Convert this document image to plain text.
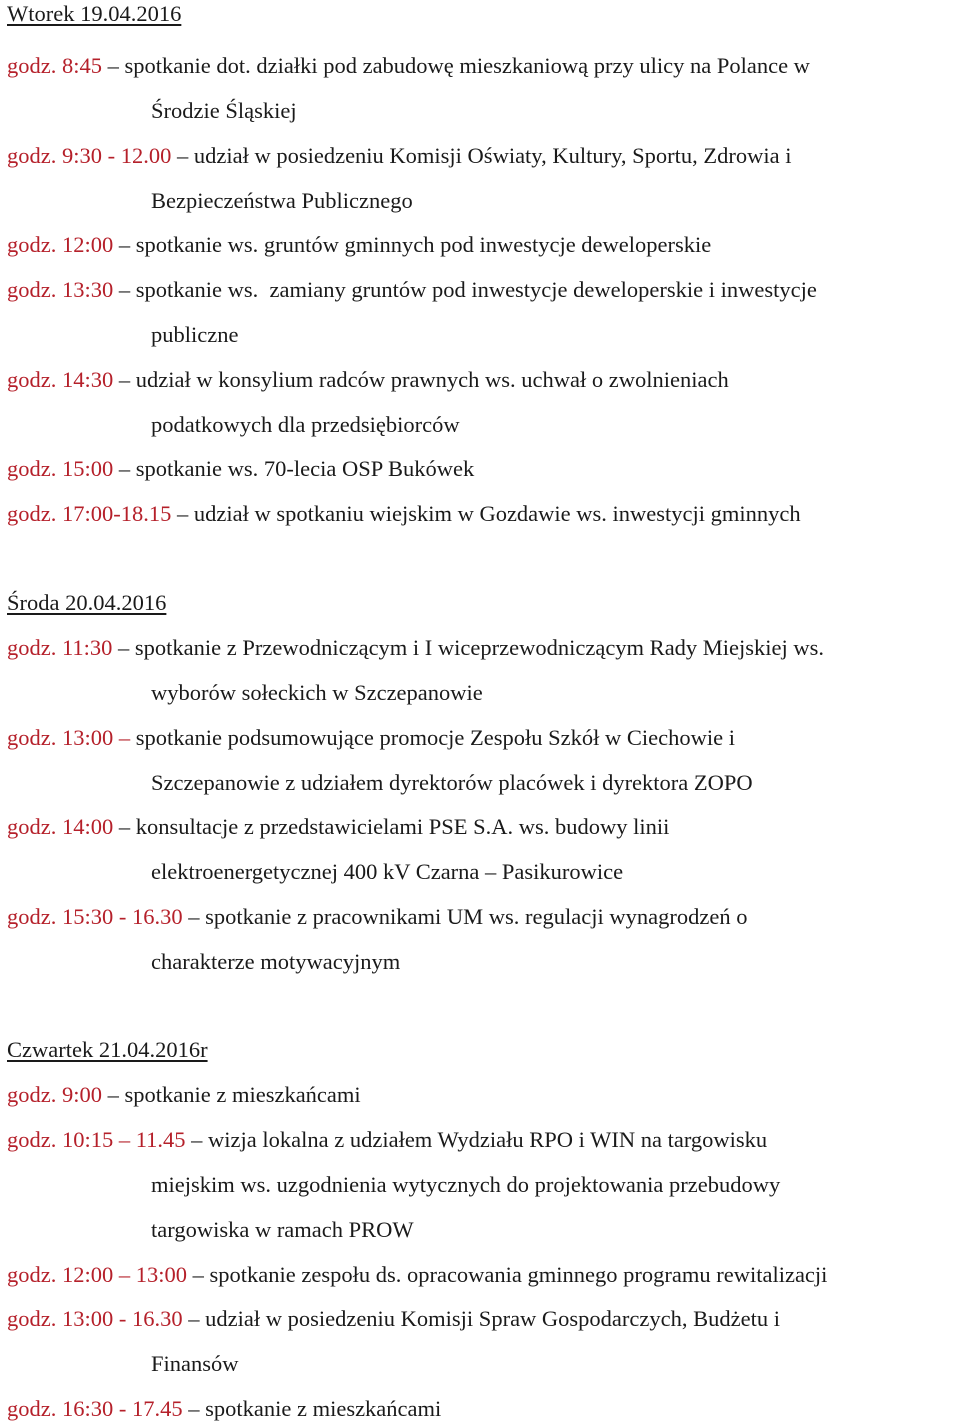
Wtorek 19.04.2016
godz. 8:45 – spotkanie dot. działki pod zabudowę mieszkaniową przy ulicy na Polance w
Środzie Śląskiej
godz. 9:30 - 12.00 – udział w posiedzeniu Komisji Oświaty, Kultury, Sportu, Zdrowia i
Bezpieczeństwa Publicznego
godz. 12:00 – spotkanie ws. gruntów gminnych pod inwestycje deweloperskie
godz. 13:30 – spotkanie ws.  zamiany gruntów pod inwestycje deweloperskie i inwestycje
publiczne
godz. 14:30 – udział w konsylium radców prawnych ws. uchwał o zwolnieniach
podatkowych dla przedsiębiorców
godz. 15:00 – spotkanie ws. 70-lecia OSP Bukówek
godz. 17:00-18.15 – udział w spotkaniu wiejskim w Gozdawie ws. inwestycji gminnych
Środa 20.04.2016
godz. 11:30 – spotkanie z Przewodniczącym i I wiceprzewodniczącym Rady Miejskiej ws.
wyborów sołeckich w Szczepanowie
godz. 13:00 – spotkanie podsumowujące promocje Zespołu Szkół w Ciechowie i
Szczepanowie z udziałem dyrektorów placówek i dyrektora ZOPO
godz. 14:00 – konsultacje z przedstawicielami PSE S.A. ws. budowy linii
elektroenergetycznej 400 kV Czarna – Pasikurowice
godz. 15:30 - 16.30 – spotkanie z pracownikami UM ws. regulacji wynagrodzeń o
charakterze motywacyjnym
Czwartek 21.04.2016r
godz. 9:00 – spotkanie z mieszkańcami
godz. 10:15 – 11.45 – wizja lokalna z udziałem Wydziału RPO i WIN na targowisku
miejskim ws. uzgodnienia wytycznych do projektowania przebudowy
targowiska w ramach PROW
godz. 12:00 – 13:00 – spotkanie zespołu ds. opracowania gminnego programu rewitalizacji
godz. 13:00 - 16.30 – udział w posiedzeniu Komisji Spraw Gospodarczych, Budżetu i
Finansów
godz. 16:30 - 17.45 – spotkanie z mieszkańcami
